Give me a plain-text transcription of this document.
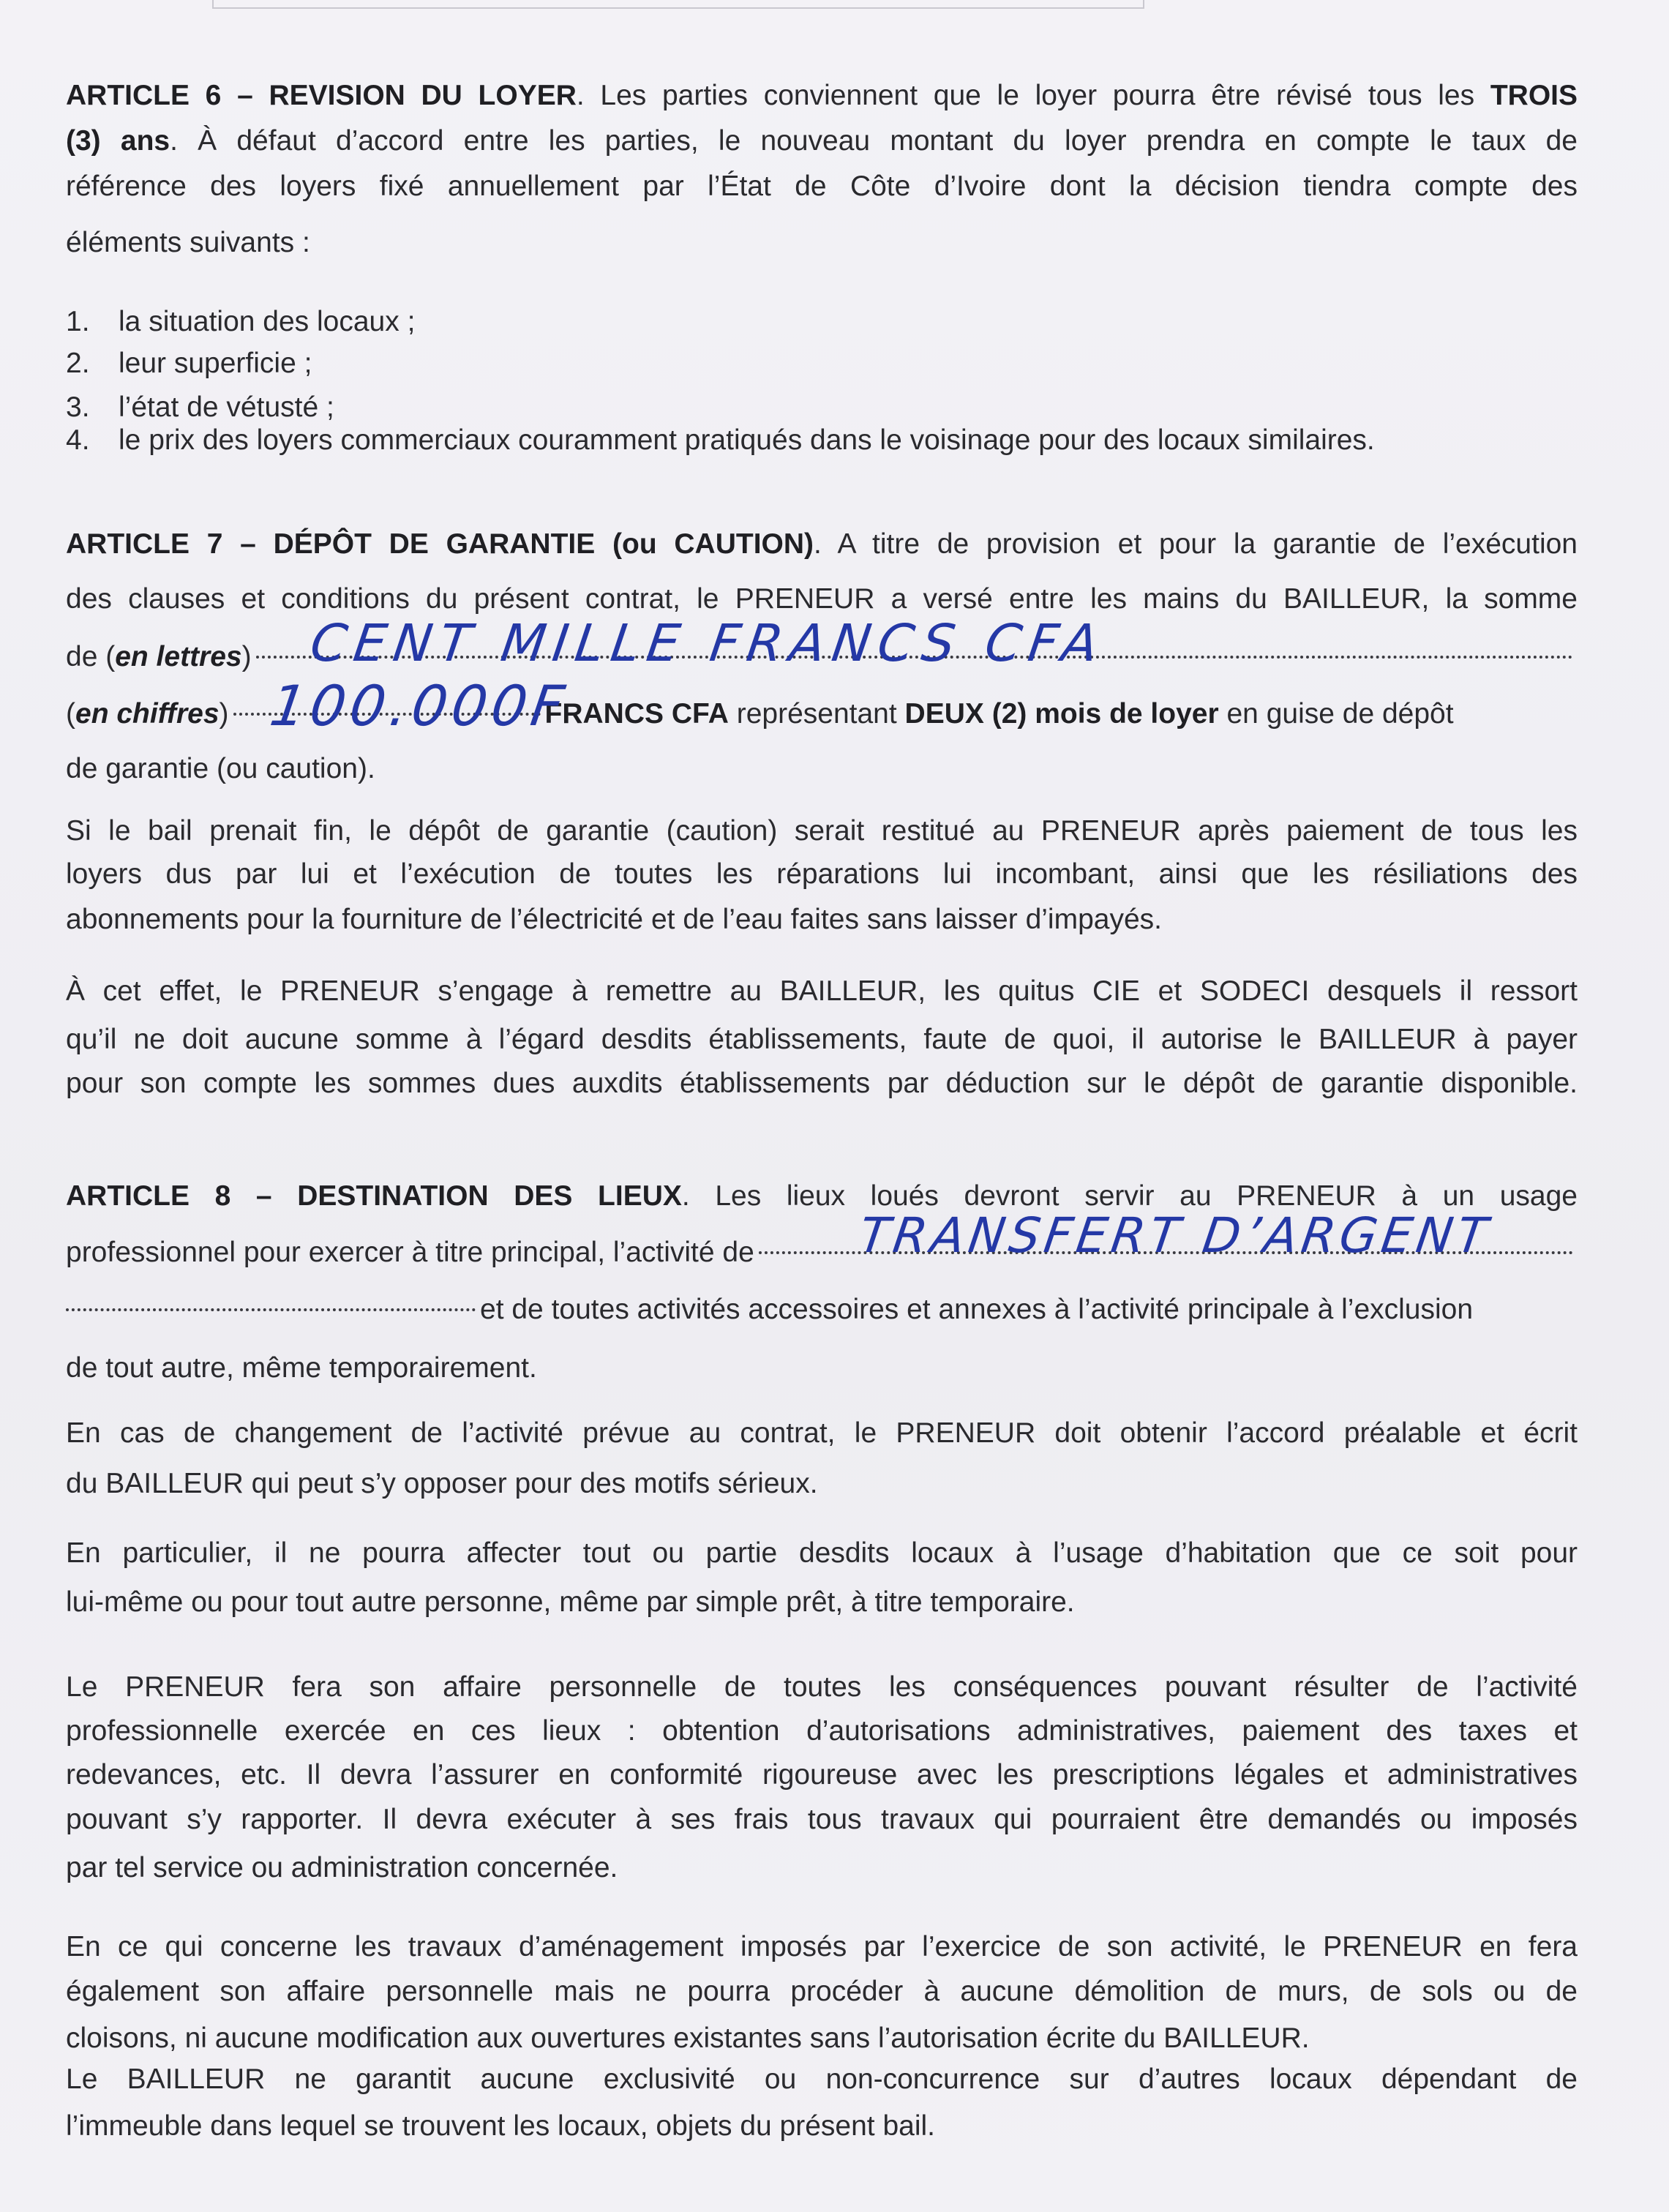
ARTICLE 6 – REVISION DU LOYER. Les parties conviennent que le loyer pourra être révisé tous les TROIS
(3) ans. À défaut d’accord entre les parties, le nouveau montant du loyer prendra en compte le taux de
référence des loyers fixé annuellement par l’État de Côte d’Ivoire dont la décision tiendra compte des
éléments suivants :
1. la situation des locaux ;
2. leur superficie ;
3. l’état de vétusté ;
4. le prix des loyers commerciaux couramment pratiqués dans le voisinage pour des locaux similaires.
ARTICLE 7 – DÉPÔT DE GARANTIE (ou CAUTION). A titre de provision et pour la garantie de l’exécution
des clauses et conditions du présent contrat, le PRENEUR a versé entre les mains du BAILLEUR, la somme
de ( en lettres ) CENT MILLE FRANCS CFA
( en chiffres )	FRANCS CFA représentant DEUX (2) mois de loyer en guise de dépôt
100.000F
de garantie (ou caution).
Si le bail prenait fin, le dépôt de garantie (caution) serait restitué au PRENEUR après paiement de tous les
loyers dus par lui et l’exécution de toutes les réparations lui incombant, ainsi que les résiliations des
abonnements pour la fourniture de l’électricité et de l’eau faites sans laisser d’impayés.
À cet effet, le PRENEUR s’engage à remettre au BAILLEUR, les quitus CIE et SODECI desquels il ressort
qu’il ne doit aucune somme à l’égard desdits établissements, faute de quoi, il autorise le BAILLEUR à payer
pour son compte les sommes dues auxdits établissements par déduction sur le dépôt de garantie disponible.
ARTICLE 8 – DESTINATION DES LIEUX. Les lieux loués devront servir au PRENEUR à un usage
professionnel pour exercer à titre principal, l’activité de TRANSFERT D’ARGENT
et de toutes activités accessoires et annexes à l’activité principale à l’exclusion
de tout autre, même temporairement.
En cas de changement de l’activité prévue au contrat, le PRENEUR doit obtenir l’accord préalable et écrit
du BAILLEUR qui peut s’y opposer pour des motifs sérieux.
En particulier, il ne pourra affecter tout ou partie desdits locaux à l’usage d’habitation que ce soit pour
lui-même ou pour tout autre personne, même par simple prêt, à titre temporaire.
Le PRENEUR fera son affaire personnelle de toutes les conséquences pouvant résulter de l’activité
professionnelle exercée en ces lieux : obtention d’autorisations administratives, paiement des taxes et
redevances, etc. Il devra l’assurer en conformité rigoureuse avec les prescriptions légales et administratives
pouvant s’y rapporter. Il devra exécuter à ses frais tous travaux qui pourraient être demandés ou imposés
par tel service ou administration concernée.
En ce qui concerne les travaux d’aménagement imposés par l’exercice de son activité, le PRENEUR en fera
également son affaire personnelle mais ne pourra procéder à aucune démolition de murs, de sols ou de
cloisons, ni aucune modification aux ouvertures existantes sans l’autorisation écrite du BAILLEUR.
Le BAILLEUR ne garantit aucune exclusivité ou non-concurrence sur d’autres locaux dépendant de
l’immeuble dans lequel se trouvent les locaux, objets du présent bail.
